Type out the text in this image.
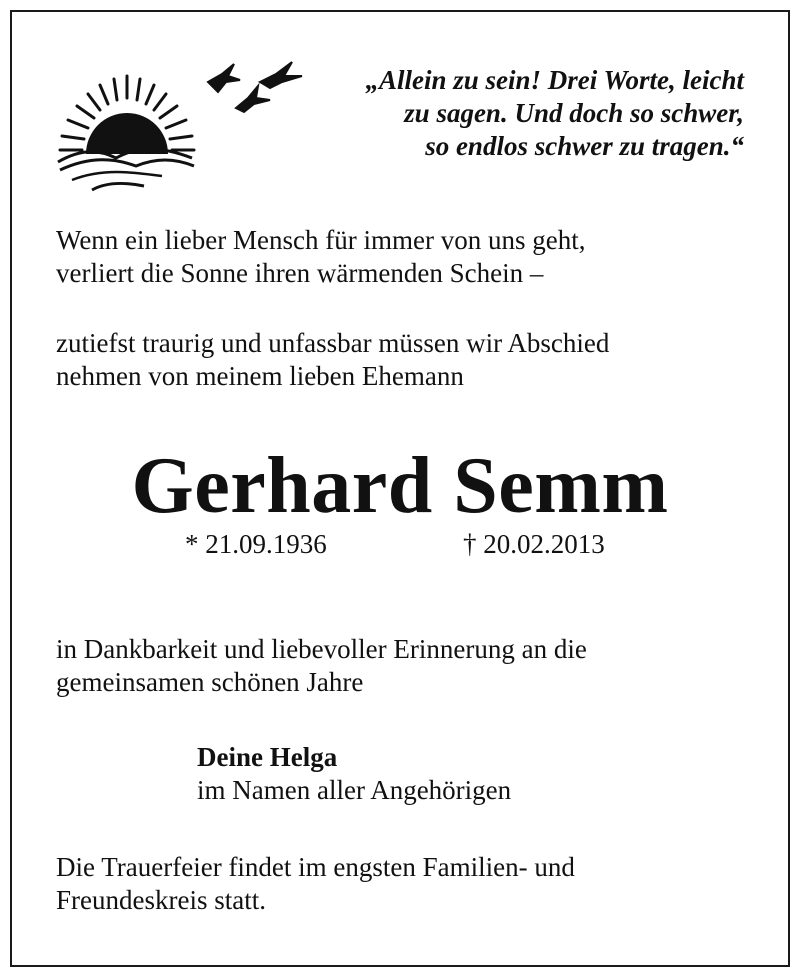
„Allein zu sein! Drei Worte, leicht
zu sagen. Und doch so schwer,
so endlos schwer zu tragen.“
Wenn ein lieber Mensch für immer von uns geht,
verliert die Sonne ihren wärmenden Schein –
zutiefst traurig und unfassbar müssen wir Abschied
nehmen von meinem lieben Ehemann
Gerhard Semm
* 21.09.1936	† 20.02.2013
in Dankbarkeit und liebevoller Erinnerung an die
gemeinsamen schönen Jahre
Deine Helga
im Namen aller Angehörigen
Die Trauerfeier findet im engsten Familien- und
Freundeskreis statt.
